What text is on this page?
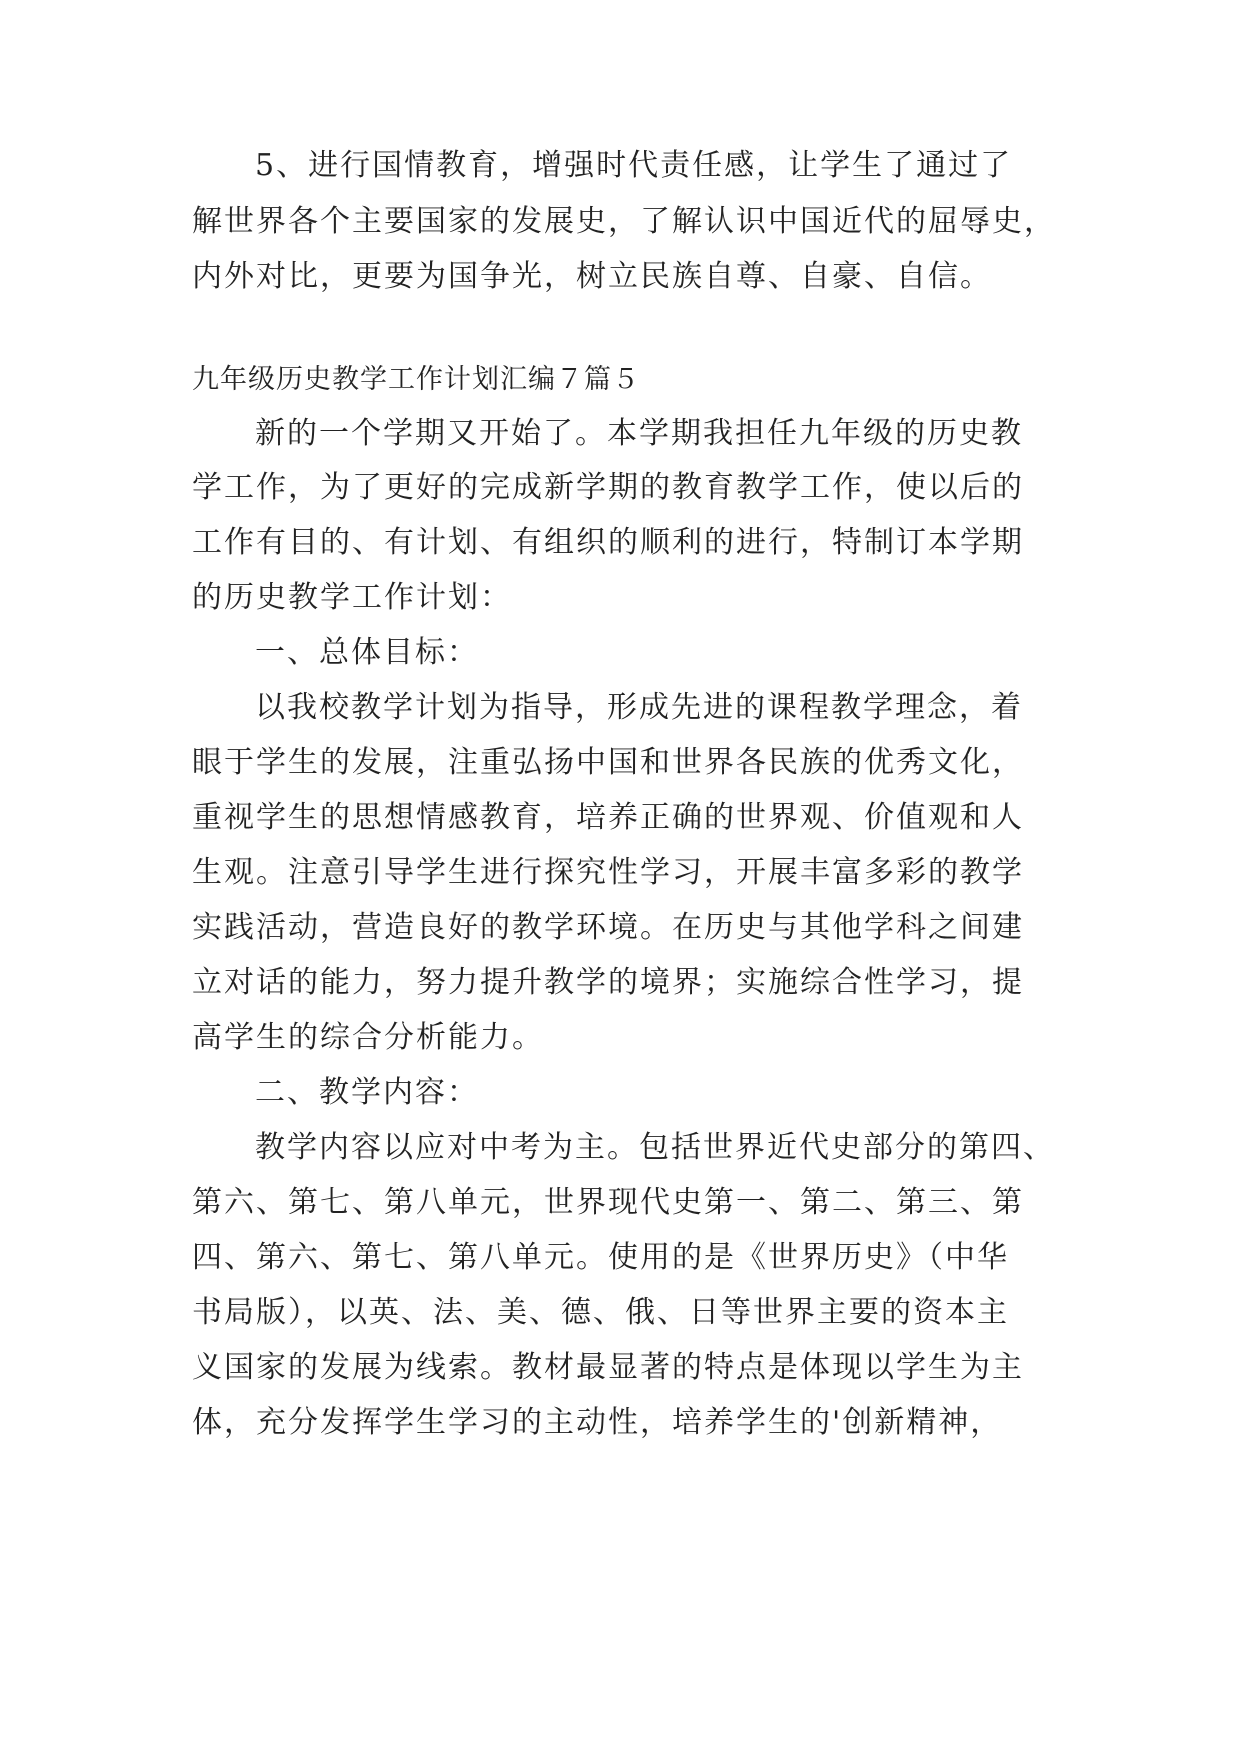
5、进行国情教育，增强时代责任感，让学生了通过了
解世界各个主要国家的发展史，了解认识中国近代的屈辱史，
内外对比，更要为国争光，树立民族自尊、自豪、自信。
九年级历史教学工作计划汇编７篇５
新的一个学期又开始了。本学期我担任九年级的历史教
学工作，为了更好的完成新学期的教育教学工作，使以后的
工作有目的、有计划、有组织的顺利的进行，特制订本学期
的历史教学工作计划：
一、总体目标：
以我校教学计划为指导，形成先进的课程教学理念，着
眼于学生的发展，注重弘扬中国和世界各民族的优秀文化，
重视学生的思想情感教育，培养正确的世界观、价值观和人
生观。注意引导学生进行探究性学习，开展丰富多彩的教学
实践活动，营造良好的教学环境。在历史与其他学科之间建
立对话的能力，努力提升教学的境界；实施综合性学习，提
高学生的综合分析能力。
二、教学内容：
教学内容以应对中考为主。包括世界近代史部分的第四、
第六、第七、第八单元，世界现代史第一、第二、第三、第
四、第六、第七、第八单元。使用的是《世界历史》（中华
书局版），以英、法、美、德、俄、日等世界主要的资本主
义国家的发展为线索。教材最显著的特点是体现以学生为主
体，充分发挥学生学习的主动性，培养学生的'创新精神，
